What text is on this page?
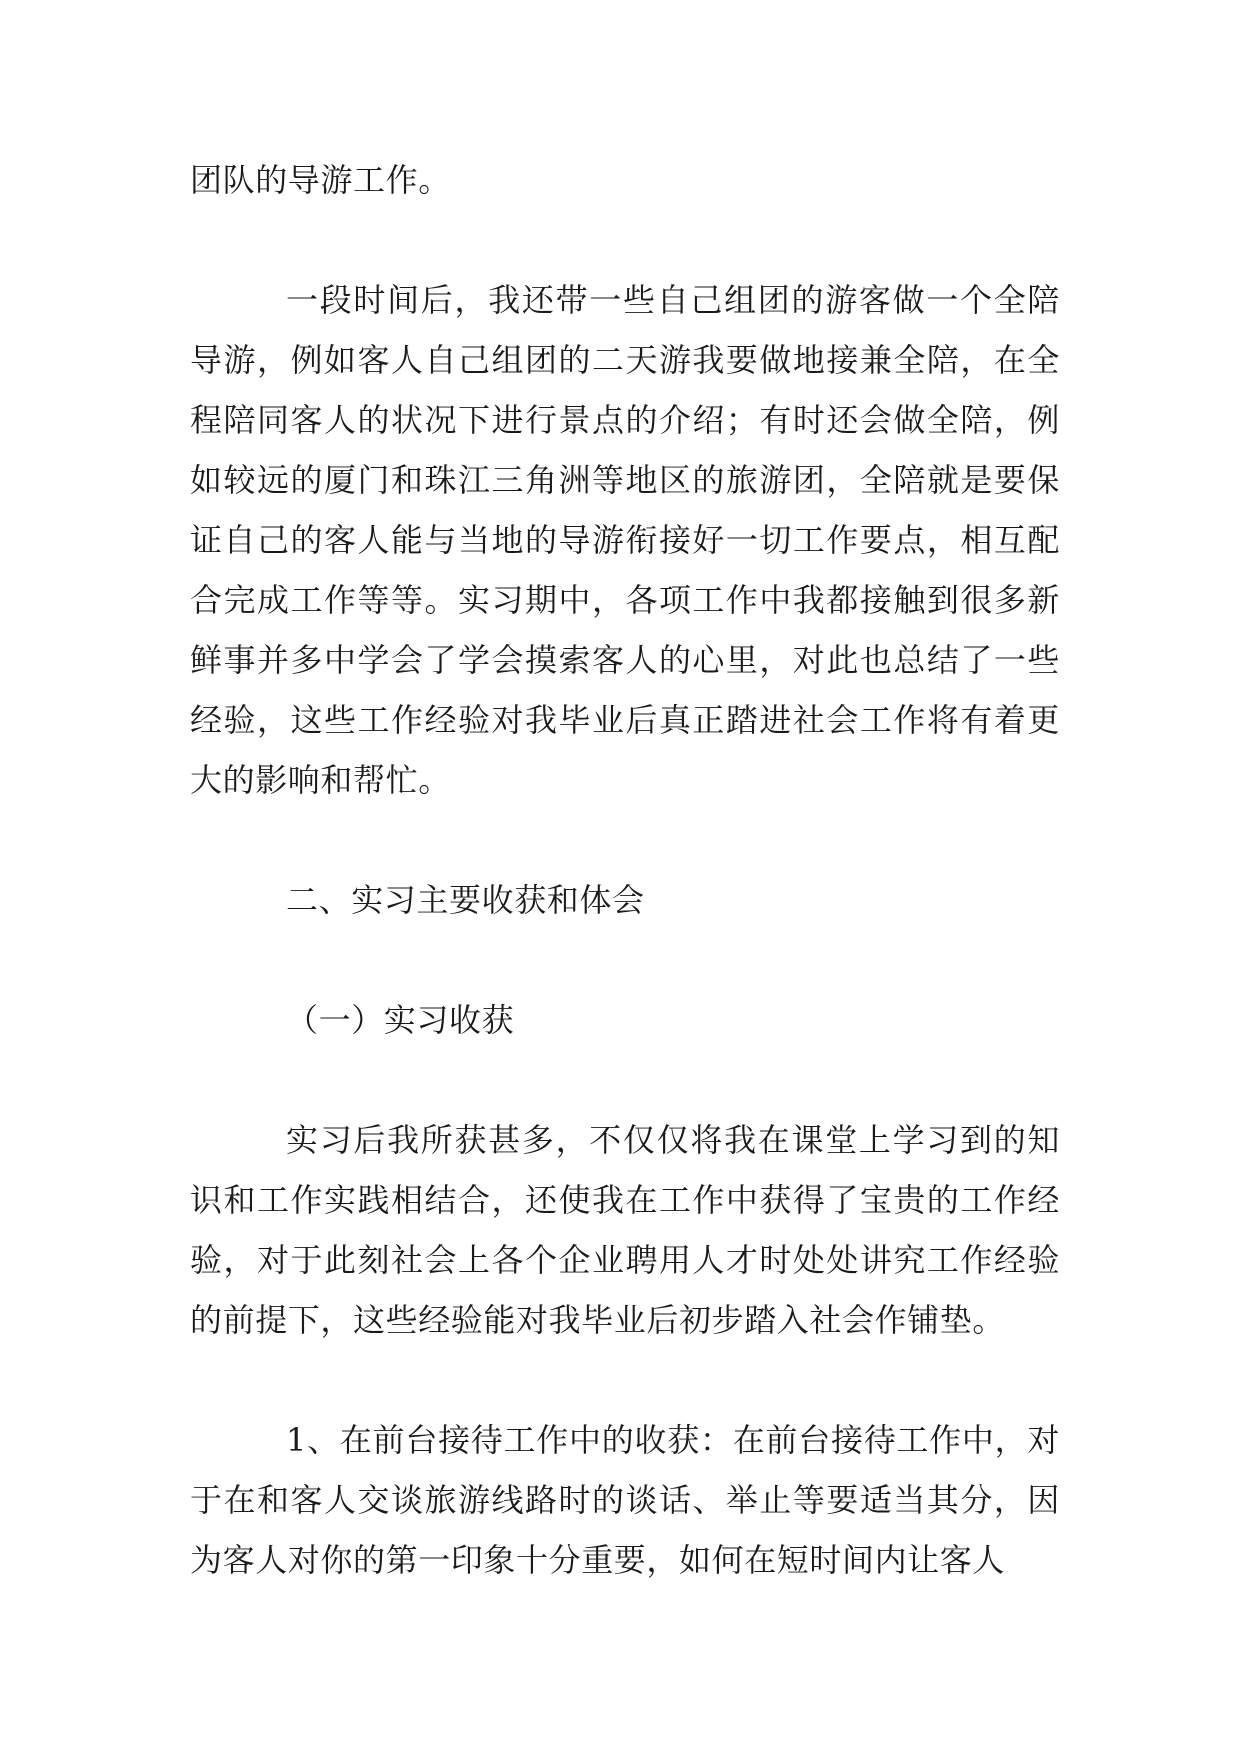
团队的导游工作。

一段时间后，我还带一些自己组团的游客做一个全陪导游，例如客人自己组团的二天游我要做地接兼全陪，在全程陪同客人的状况下进行景点的介绍；有时还会做全陪，例如较远的厦门和珠江三角洲等地区的旅游团，全陪就是要保证自己的客人能与当地的导游衔接好一切工作要点，相互配合完成工作等等。实习期中，各项工作中我都接触到很多新鲜事并多中学会了学会摸索客人的心里，对此也总结了一些经验，这些工作经验对我毕业后真正踏进社会工作将有着更大的影响和帮忙。

二、实习主要收获和体会

（一）实习收获

实习后我所获甚多，不仅仅将我在课堂上学习到的知识和工作实践相结合，还使我在工作中获得了宝贵的工作经验，对于此刻社会上各个企业聘用人才时处处讲究工作经验的前提下，这些经验能对我毕业后初步踏入社会作铺垫。

1、在前台接待工作中的收获：在前台接待工作中，对于在和客人交谈旅游线路时的谈话、举止等要适当其分，因为客人对你的第一印象十分重要，如何在短时间内让客人
